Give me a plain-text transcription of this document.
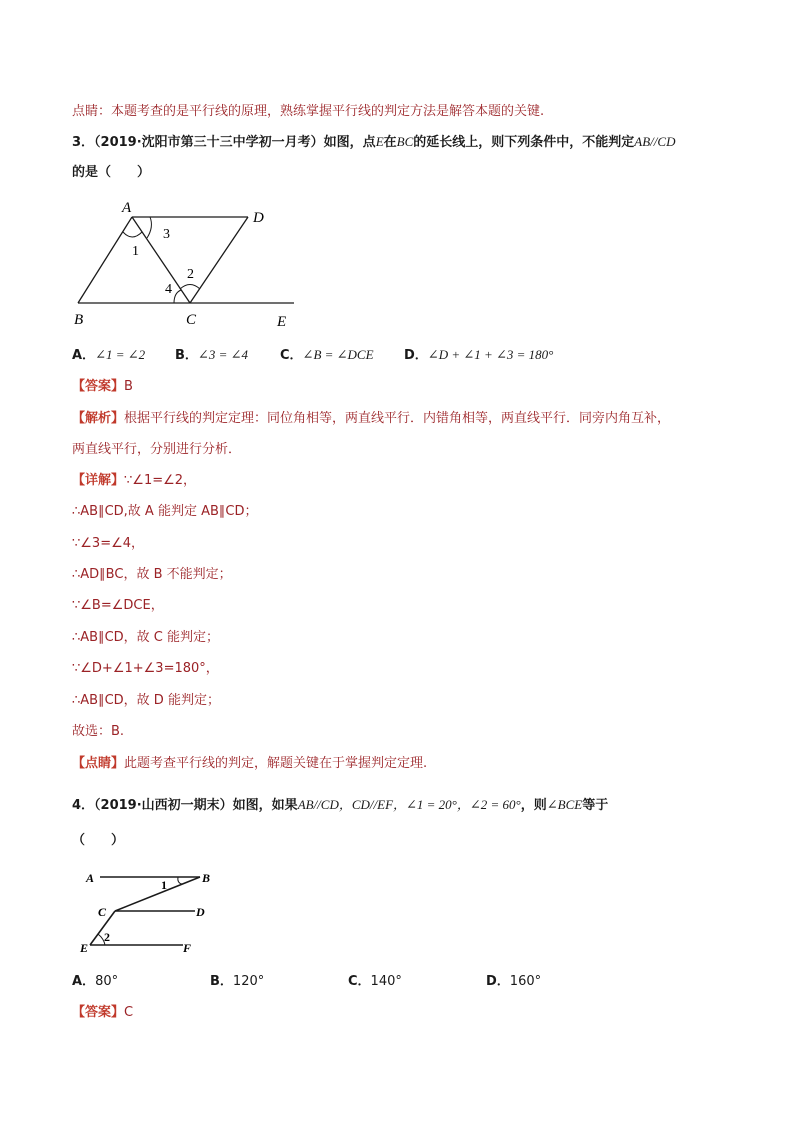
点睛：本题考查的是平行线的原理，熟练掌握平行线的判定方法是解答本题的关键.
3．（2019·沈阳市第三十三中学初一月考）如图，点E在BC的延长线上，则下列条件中，不能判定AB//CD
的是（　　）
A
D
B	C	E
1
3
2
4
A．∠1 = ∠2 B．∠3 = ∠4 C．∠B = ∠DCE D．∠D + ∠1 + ∠3 = 180°
【答案】B
【解析】根据平行线的判定定理：同位角相等，两直线平行．内错角相等，两直线平行．同旁内角互补，
两直线平行，分别进行分析．
【详解】∵∠1=∠2，
∴AB∥CD,故 A 能判定 AB∥CD；
∵∠3=∠4，
∴AD∥BC，故 B 不能判定；
∵∠B=∠DCE，
∴AB∥CD，故 C 能判定；
∵∠D+∠1+∠3=180°，
∴AB∥CD，故 D 能判定；
故选：B.
【点睛】此题考查平行线的判定，解题关键在于掌握判定定理.
4．（2019·山西初一期末）如图，如果AB//CD，CD//EF，∠1 = 20°，∠2 = 60°，则∠BCE等于
（　　）
A	B
1
C	D
2
E	F
A．80°	B．120°	C．140°	D．160°
【答案】C
